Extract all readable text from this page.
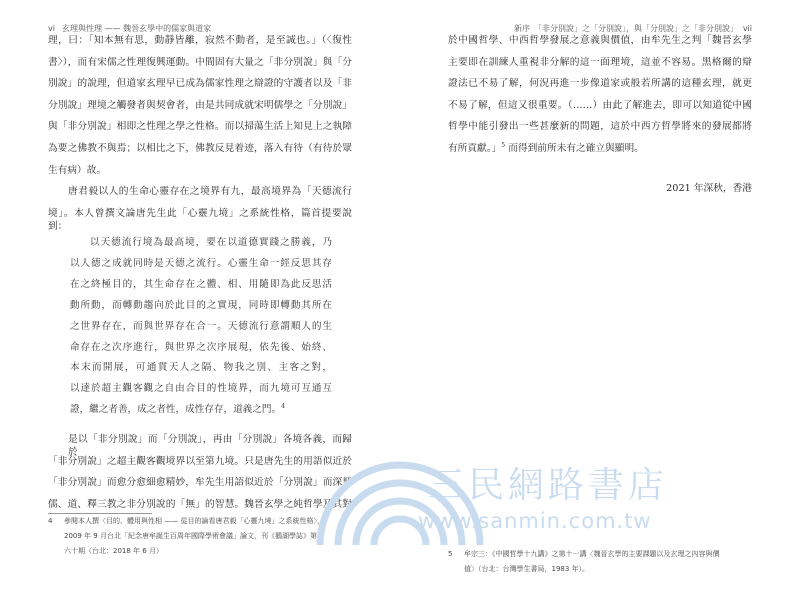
vi 玄理與性理 —— 魏晉玄學中的儒家與道家
理，曰：「知本無有思，動靜皆離，寂然不動者，是至誠也。」（〈復性
書〉），而有宋儒之性理復興運動。中間固有大量之「非分別說」與「分
別說」的說理，但道家玄理早已成為儒家性理之辯證的守護者以及「非
分別說」理境之觸發者與契會者，由是共同成就宋明儒學之「分別說」
與「非分別說」相即之性理之學之性格。而以掃蕩生活上知見上之執障
為要之佛教不與焉；以相比之下，佛教反見着迹，落入有待（有待於眾
生有病）故。
唐君毅以人的生命心靈存在之境界有九，最高境界為「天德流行
境」。本人曾撰文論唐先生此「心靈九境」之系統性格，篇首提要說到：
以天德流行境為最高境，要在以道德實踐之勝義，乃
以人德之成就同時是天德之流行。心靈生命一經反思其存
在之終極目的，其生命存在之體、相、用隨即為此反思活
動所動，而轉動趨向於此目的之實現，同時即轉動其所在
之世界存在，而與世界存在合一。天德流行意謂順人的生
命存在之次序進行，與世界之次序展現，依先後、始終、
本末而開展，可通貫天人之隔、物我之別、主客之對，
以達於超主觀客觀之自由合目的性境界，而九境可互通互
證，繼之者善，成之者性，成性存存，道義之門。$^4$
是以「非分別說」而「分別說」，再由「分別說」各境各義，而歸於
「非分別說」之超主觀客觀境界以至第九境。只是唐先生的用語似近於
「非分別說」而愈分愈細愈精妙，牟先生用語似近於「分別說」而深契
儒、道、釋三教之非分別說的「無」的智慧。魏晉玄學之純哲學及其對
4	參閱本人撰〈目的、體用與性相 —— 從目的論看唐君毅「心靈九境」之系統性格〉，
2009 年 9 月台北「紀念唐牟誕生百周年國際學術會議」論文，刊《鵝湖學誌》第
六十期（台北：2018 年 6 月）
新序　「非分別說」之「分別說」，與「分別說」之「非分別說」 vii
於中國哲學、中西哲學發展之意義與價值，由牟先生之判「魏晉玄學
主要即在訓練人重視非分解的這一面理境，這並不容易。黑格爾的辯
證法已不易了解，何況再進一步像道家或般若所講的這種玄理，就更
不易了解，但這又很重要。（……）由此了解進去，即可以知道從中國
哲學中能引發出一些甚麼新的問題，這於中西方哲學將來的發展都將
有所貢獻。」$^5$ 而得到前所未有之確立與顯明。
2021 年深秋，香港
5	牟宗三：《中國哲學十九講》之第十一講〈魏晉玄學的主要課題以及玄理之內容與價
值〉（台北：台灣學生書局，1983 年）。
三民網路書店
www.sanmin.com.tw
